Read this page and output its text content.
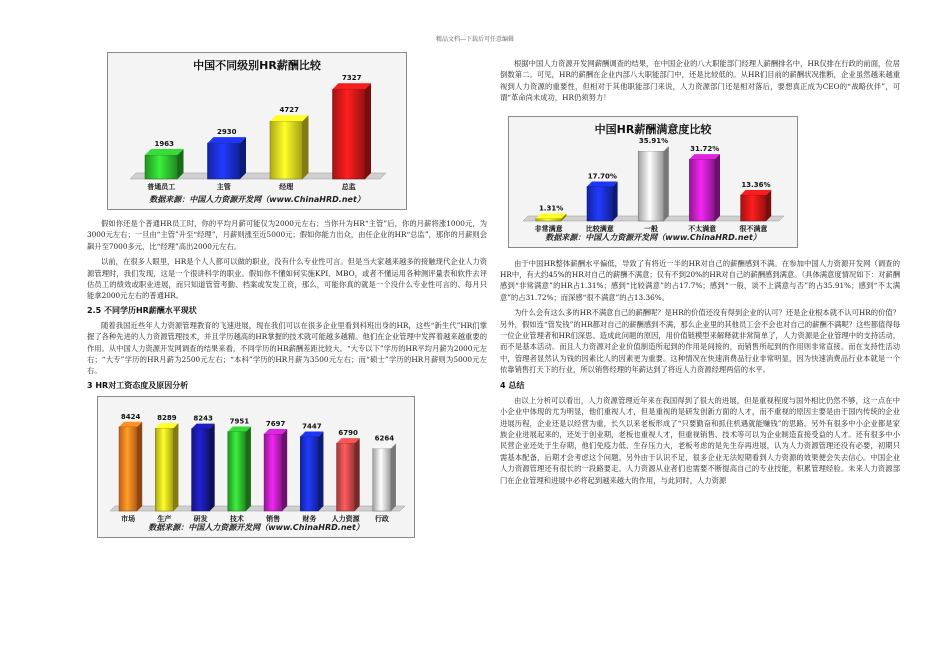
精品文档---下载后可任意编辑
中国不同级别HR薪酬比较
1963
普通员工
2930
主管
4727
经理
7327
总监
数据来源：中国人力资源开发网（www.ChinaHRD.net）

假如你还是个普通HR员工时，你的平均月薪可能仅为2000元左右；当你升为HR“主管”后，你的月薪将涨1000元，为3000元左右；一旦由“主管”升至“经理”，月薪则涨至近5000元；假如你能力出众，由任企业的HR“总监”，那你的月薪则会飙升至7000多元，比“经理”高出2000元左右。

以前，在很多人眼里，HR是个人人都可以做的职业，没有什么专业性可言。但是当大家越来越多的接触现代企业人力资源管理时，我们发现，这是一个很讲科学的职业。假如你不懂如何实施KPI、MBO，或者不懂运用各种测评量表和软件去评估员工的绩效或职业进展，而只知道管管考勤、档案或发发工资，那么，可能你真的就是一个没什么专业性可言的、每月只能拿2000元左右的普通HR。

2.5 不同学历HR薪酬水平现状

随着我国近些年人力资源管理教育的飞速进展，现在我们可以在很多企业里看到科班出身的HR，这些“新生代”HR们掌握了各种先进的人力资源管理技术，并且学历越高的HR掌握的技术就可能越多越精。他们在企业管理中发挥着越来越重要的作用。从中国人力资源开发网调查的结果来看，不同学历的HR薪酬差距比较大。“大专以下”学历的HR平均月薪为2000元左右；“大专”学历的HR月薪为2500元左右；“本科”学历的HR月薪为3500元左右；而“硕士”学历的HR月薪则为5000元左右。

3 HR对工资态度及原因分析
8424
市场
8289
生产
8243
研发
7951
技术
7697
销售
7447
财务
6790
人力资源
6264
行政
数据来源：中国人力资源开发网（www.ChinaHRD.net）

根据中国人力资源开发网薪酬调查的结果，在中国企业的八大职能部门经理人薪酬排名中，HR仅排在行政的前面，位居倒数第二。可见，HR的薪酬在企业内部八大职能部门中，还是比较低的。从HR们目前的薪酬状况推断，企业虽然越来越重视到人力资源的重要性，但相对于其他职能部门来说，人力资源部门还是相对落后，要想真正成为CEO的“战略伙伴”，可谓“革命尚未成功，HR仍须努力！

中国HR薪酬满意度比较
1.31%
非常满意
17.70%
比较满意
35.91%
一般
31.72%
不太满意
13.36%
很不满意
数据来源：中国人力资源开发网（www.ChinaHRD.net）

由于中国HR整体薪酬水平偏低，导致了有将近一半的HR对自己的薪酬感到不满。在参加中国人力资源开发网（调查的HR中，有大约45%的HR对自己的薪酬不满意；仅有不到20%的HR对自己的薪酬感到满意。（具体满意度情况如下：对薪酬感到“非常满意”的HR占1.31%；感到“比较满意”的占17.7%；感到“一般，谈不上满意与否”的占35.91%；感到“不太满意”的占31.72%；而深感“很不满意”的占13.36%。

为什么会有这么多的HR不满意自己的薪酬呢？是HR的价值还没有得到企业的认可？还是企业根本就不认可HR的价值？另外，假如连“管发钱”的HR都对自己的薪酬感到不满，那么企业里的其他员工会不会也对自己的薪酬不满呢？这些都值得每一位企业管理者和HR们深思。造成此问题的原因，用价值链模型来解释就非常简单了，人力资源是企业管理中的支持活动，而不是基本活动。而且人力资源对企业价值制造所起到的作用是间接的，而销售所起到的作用则非常直接。而在支持性活动中，管理者显然认为钱的因素比人的因素更为重要。这种情况在快速消费品行业非常明显，因为快速消费品行业本就是一个依靠销售打天下的行业，所以销售经理的年薪达到了将近人力资源经理两倍的水平。

4 总结

由以上分析可以看出，人力资源管理近年来在我国得到了很大的进展，但是重视程度与国外相比仍然不够，这一点在中小企业中体现的尤为明显，他们重视人才，但是重视的是研发创新方面的人才，而不重视的原因主要是由于国内传统的企业进展历程，企业还是以经营为重，长久以来老板形成了“只要勤奋和抓住机遇就能赚钱”的思路。另外有很多中小企业都是家族企业进展起来的，还处于创业期，老板也重视人才，但重视销售、技术等可以为企业制造直接受益的人才。还有很多中小民营企业还处于生存期，他们免疫力低、生存压力大，老板考虑的是先生存再进展，认为人力资源管理还没有必要，初期只需基本配备，后期才会考虑这个问题。另外由于认识不足，很多企业无法短期看到人力资源的效果便会失去信心。中国企业人力资源管理还有很长的一段路要走。人力资源从业者们也需要不断提高自己的专业技能，积累管理经验。未来人力资源部门在企业管理和进展中必将起到越来越大的作用，与此同时，人力资源
